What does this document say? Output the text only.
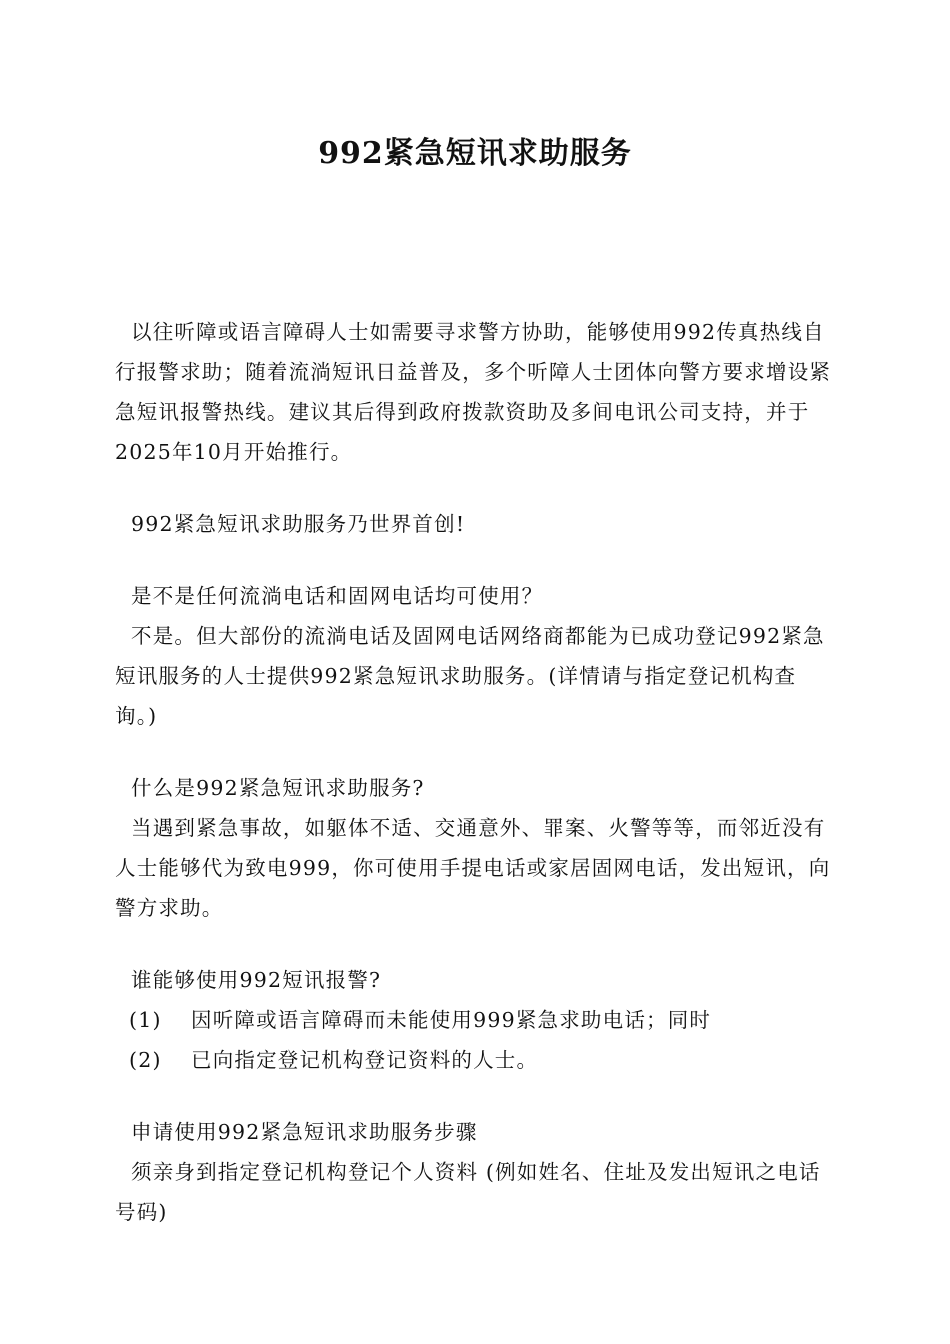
992紧急短讯求助服务

以往听障或语言障碍人士如需要寻求警方协助，能够使用992传真热线自行报警求助；随着流淌短讯日益普及，多个听障人士团体向警方要求增设紧急短讯报警热线。建议其后得到政府拨款资助及多间电讯公司支持，并于2025年10月开始推行。

992紧急短讯求助服务乃世界首创!

是不是任何流淌电话和固网电话均可使用？

不是。但大部份的流淌电话及固网电话网络商都能为已成功登记992紧急短讯服务的人士提供992紧急短讯求助服务。(详情请与指定登记机构查询。)

什么是992紧急短讯求助服务?

当遇到紧急事故，如躯体不适、交通意外、罪案、火警等等，而邻近没有人士能够代为致电999，你可使用手提电话或家居固网电话，发出短讯，向警方求助。

谁能够使用992短讯报警?

(1)	因听障或语言障碍而未能使用999紧急求助电话；同时
(2)	已向指定登记机构登记资料的人士。

申请使用992紧急短讯求助服务步骤

须亲身到指定登记机构登记个人资料 (例如姓名、住址及发出短讯之电话号码)
